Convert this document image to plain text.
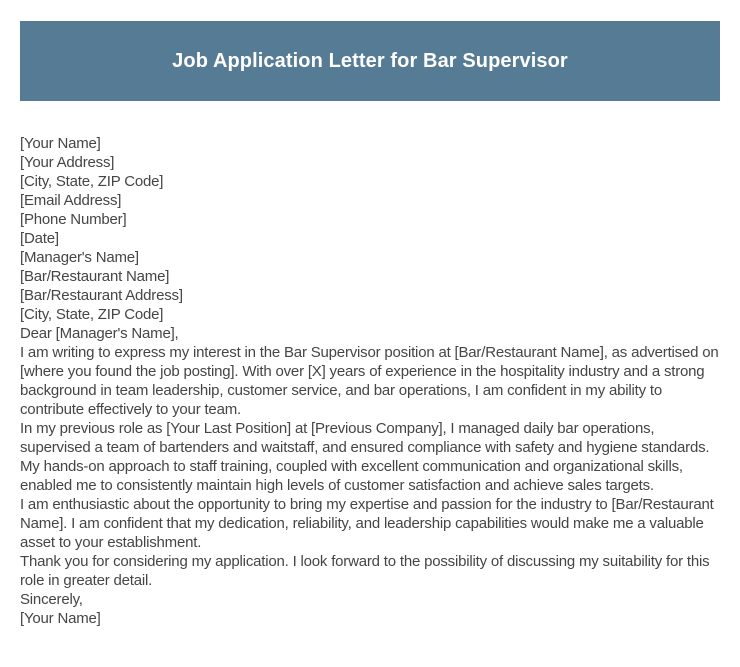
Job Application Letter for Bar Supervisor

[Your Name]

[Your Address]

[City, State, ZIP Code]

[Email Address]

[Phone Number]

[Date]

[Manager's Name]

[Bar/Restaurant Name]

[Bar/Restaurant Address]

[City, State, ZIP Code]

Dear [Manager's Name],

I am writing to express my interest in the Bar Supervisor position at [Bar/Restaurant Name], as advertised on [where you found the job posting]. With over [X] years of experience in the hospitality industry and a strong background in team leadership, customer service, and bar operations, I am confident in my ability to contribute effectively to your team.

In my previous role as [Your Last Position] at [Previous Company], I managed daily bar operations, supervised a team of bartenders and waitstaff, and ensured compliance with safety and hygiene standards. My hands-on approach to staff training, coupled with excellent communication and organizational skills, enabled me to consistently maintain high levels of customer satisfaction and achieve sales targets.

I am enthusiastic about the opportunity to bring my expertise and passion for the industry to [Bar/Restaurant Name]. I am confident that my dedication, reliability, and leadership capabilities would make me a valuable asset to your establishment.

Thank you for considering my application. I look forward to the possibility of discussing my suitability for this role in greater detail.

Sincerely,

[Your Name]
